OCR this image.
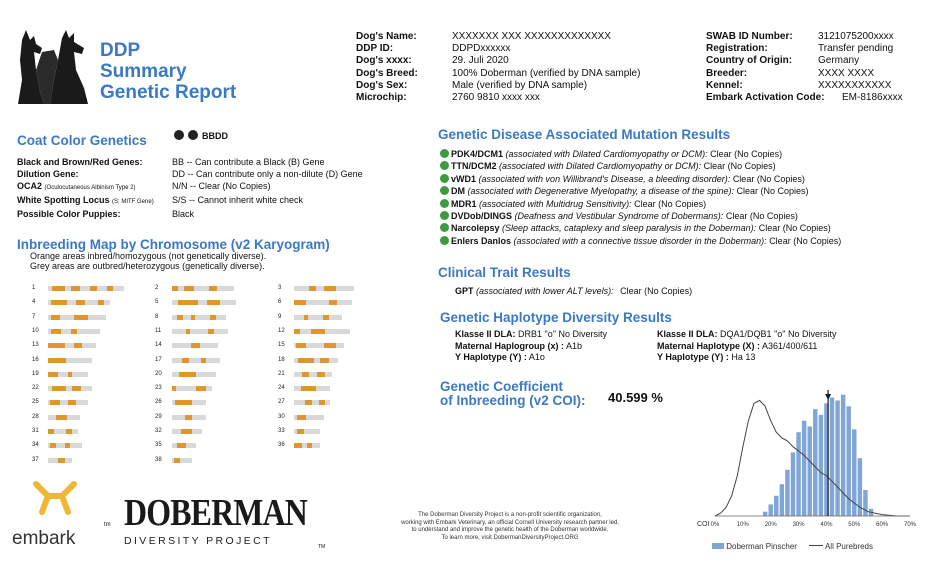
TM
DDP
Summary
Genetic Report
Dog's Name:	XXXXXXX XXX XXXXXXXXXXXXX
DDP ID:	DDPDxxxxxx
Dog's xxxx:	29. Juli 2020
Dog's Breed:	100% Doberman (verified by DNA sample)
Dog's Sex:	Male (verified by DNA sample)
Microchip:	2760 9810 xxxx xxx
SWAB ID Number:	3121075200xxxx
Registration:	Transfer pending
Country of Origin:	Germany
Breeder:	XXXX XXXX
Kennel:	XXXXXXXXXXX
Embark Activation Code: EM-8186xxxx
Coat Color Genetics	BBDD
Black and Brown/Red Genes:	BB -- Can contribute a Black (B) Gene
Dilution Gene:	DD -- Can contribute only a non-dilute (D) Gene
OCA2 (Oculocutaneous Albinism Type 2)	N/N -- Clear (No Copies)
White Spotting Locus (S: MITF Gene)	S/S -- Cannot inherit white check
Possible Color Puppies:	Black
Inbreeding Map by Chromosome (v2 Karyogram)
Orange areas inbred/homozygous (not genetically diverse).
Grey areas are outbred/heterozygous (genetically diverse).
1	2	3
4	5	6
7	8	9
10	11	12
13	14	15
16	17	18
19	20	21
22	23	24
25	26	27
28	29	30
31	32	33
34	35	36
37	38
Genetic Disease Associated Mutation Results
PDK4/DCM1 (associated with Dilated Cardiomyopathy or DCM): Clear (No Copies)
TTN/DCM2 (associated with Dilated Cardiomyopathy or DCM): Clear (No Copies)
vWD1 (associated with von Willibrand's Disease, a bleeding disorder): Clear (No Copies)
DM (associated with Degenerative Myelopathy, a disease of the spine): Clear (No Copies)
MDR1 (associated with Multidrug Sensitivity): Clear (No Copies)
DVDob/DINGS (Deafness and Vestibular Syndrome of Dobermans): Clear (No Copies)
Narcolepsy (Sleep attacks, cataplexy and sleep paralysis in the Doberman): Clear (No Copies)
Enlers Danlos (associated with a connective tissue disorder in the Doberman): Clear (No Copies)
Clinical Trait Results
GPT (associated with lower ALT levels): Clear (No Copies)
Genetic Haplotype Diversity Results
Klasse II DLA: DRB1 "o" No Diversity
Maternal Haplogroup (x) : A1b
Y Haplotype (Y) : A1o
Klasse II DLA: DQA1/DQB1 "o" No Diversity
Maternal Haplotype (X) : A361/400/611
Y Haplotype (Y) : Ha 13
Genetic Coefficient
of Inbreeding (v2 COI): 40.599 %
0%	10%	20%	30%	40%	50%	60%	70%
COI
Doberman Pinscher	All Purebreds
embark
tm DOBERMAN
DIVERSITY PROJECT	TM
The Doberman Diversity Project is a non-profit scientific organization,
working with Embark Veterinary, an official Cornell University research partner led,
to understand and improve the genetic health of the Doberman worldwide.
To learn more, visit DobermanDiversityProject.ORG
